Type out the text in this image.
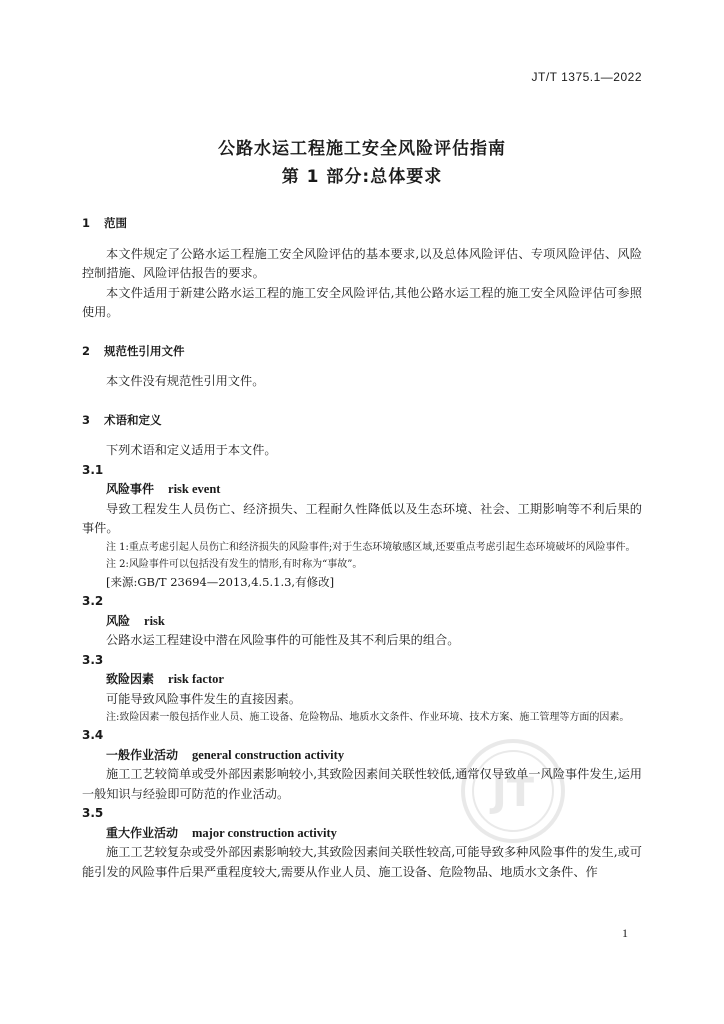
JT/T 1375.1—2022
公路水运工程施工安全风险评估指南
第 1 部分:总体要求

1 范围

本文件规定了公路水运工程施工安全风险评估的基本要求,以及总体风险评估、专项风险评估、风险控制措施、风险评估报告的要求。

本文件适用于新建公路水运工程的施工安全风险评估,其他公路水运工程的施工安全风险评估可参照使用。

2 规范性引用文件

本文件没有规范性引用文件。

3 术语和定义

下列术语和定义适用于本文件。

3.1

风险事件 risk event

导致工程发生人员伤亡、经济损失、工程耐久性降低以及生态环境、社会、工期影响等不利后果的事件。

注 1:重点考虑引起人员伤亡和经济损失的风险事件;对于生态环境敏感区域,还要重点考虑引起生态环境破坏的风险事件。

注 2:风险事件可以包括没有发生的情形,有时称为“事故”。

[来源:GB/T 23694—2013,4.5.1.3,有修改]

3.2

风险 risk

公路水运工程建设中潜在风险事件的可能性及其不利后果的组合。

3.3

致险因素 risk factor

可能导致风险事件发生的直接因素。

注:致险因素一般包括作业人员、施工设备、危险物品、地质水文条件、作业环境、技术方案、施工管理等方面的因素。

3.4

一般作业活动 general construction activity

施工工艺较简单或受外部因素影响较小,其致险因素间关联性较低,通常仅导致单一风险事件发生,运用一般知识与经验即可防范的作业活动。

3.5

重大作业活动 major construction activity

施工工艺较复杂或受外部因素影响较大,其致险因素间关联性较高,可能导致多种风险事件的发生,或可能引发的风险事件后果严重程度较大,需要从作业人员、施工设备、危险物品、地质水文条件、作

JT
1
